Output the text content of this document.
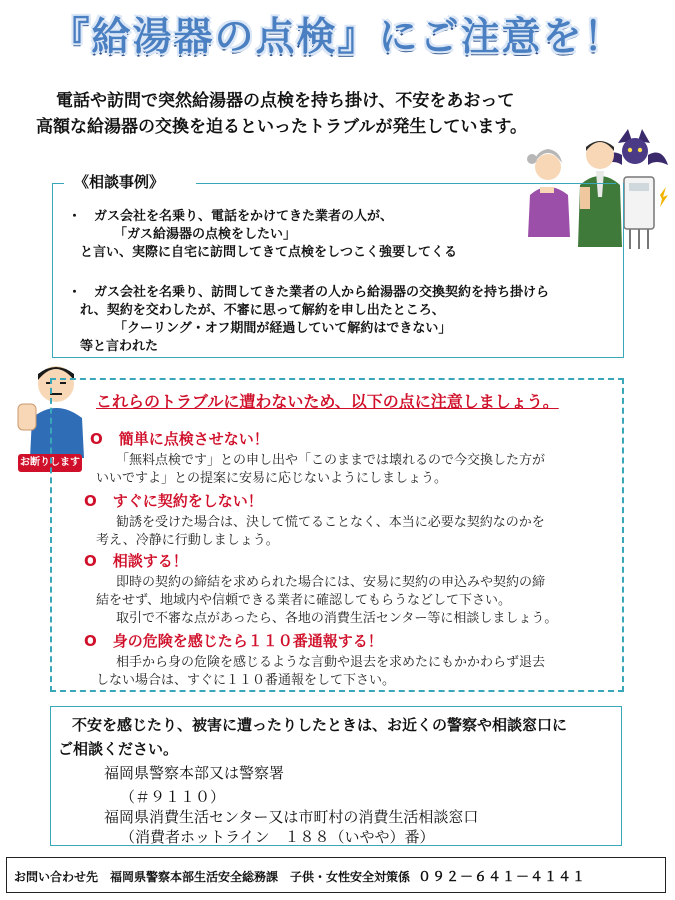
『給湯器の点検』にご注意を！
電話や訪問で突然給湯器の点検を持ち掛け、不安をあおって
高額な給湯器の交換を迫るといったトラブルが発生しています。
《相談事例》
・　ガス会社を名乗り、電話をかけてきた業者の人が、
「ガス給湯器の点検をしたい」
と言い、実際に自宅に訪問してきて点検をしつこく強要してくる
・　ガス会社を名乗り、訪問してきた業者の人から給湯器の交換契約を持ち掛けら
れ、契約を交わしたが、不審に思って解約を申し出たところ、
「クーリング・オフ期間が経過していて解約はできない」
等と言われた
お断りします
これらのトラブルに遭わないため、以下の点に注意しましょう。
O 簡単に点検させない！
「無料点検です」との申し出や「このままでは壊れるので今交換した方が
いいですよ」との提案に安易に応じないようにしましょう。
O すぐに契約をしない！
勧誘を受けた場合は、決して慌てることなく、本当に必要な契約なのかを
考え、冷静に行動しましょう。
O 相談する！
即時の契約の締結を求められた場合には、安易に契約の申込みや契約の締
結をせず、地域内や信頼できる業者に確認してもらうなどして下さい。
取引で不審な点があったら、各地の消費生活センター等に相談しましょう。
O 身の危険を感じたら１１０番通報する！
相手から身の危険を感じるような言動や退去を求めたにもかかわらず退去
しない場合は、すぐに１１０番通報をして下さい。
不安を感じたり、被害に遭ったりしたときは、お近くの警察や相談窓口に
ご相談ください。
福岡県警察本部又は警察署
（＃９１１０）
福岡県消費生活センター又は市町村の消費生活相談窓口
（消費者ホットライン　１８８（いやや）番）
お問い合わせ先　福岡県警察本部生活安全総務課　子供・女性安全対策係 ０９２－６４１－４１４１
